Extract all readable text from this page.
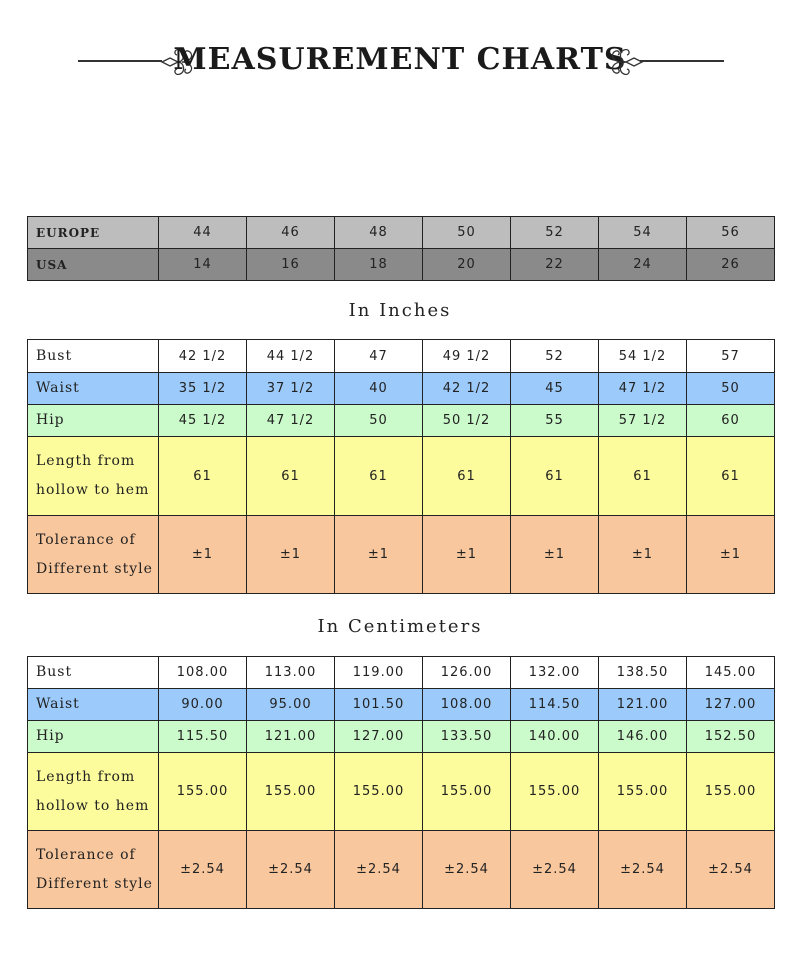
MEASUREMENT CHARTS
EUROPE	44	46	48	50	52	54	56
USA	14	16	18	20	22	24	26
In Inches
Bust	42 1/2	44 1/2	47	49 1/2	52	54 1/2	57
Waist	35 1/2	37 1/2	40	42 1/2	45	47 1/2	50
Hip	45 1/2	47 1/2	50	50 1/2	55	57 1/2	60

Length from
hollow to hem	61	61	61	61	61	61	61

Tolerance of
Different style	±1	±1	±1	±1	±1	±1	±1
In Centimeters
Bust	108.00	113.00	119.00	126.00	132.00	138.50	145.00
Waist	90.00	95.00	101.50	108.00	114.50	121.00	127.00
Hip	115.50	121.00	127.00	133.50	140.00	146.00	152.50

Length from
hollow to hem	155.00	155.00	155.00	155.00	155.00	155.00	155.00

Tolerance of
Different style	±2.54	±2.54	±2.54	±2.54	±2.54	±2.54	±2.54
